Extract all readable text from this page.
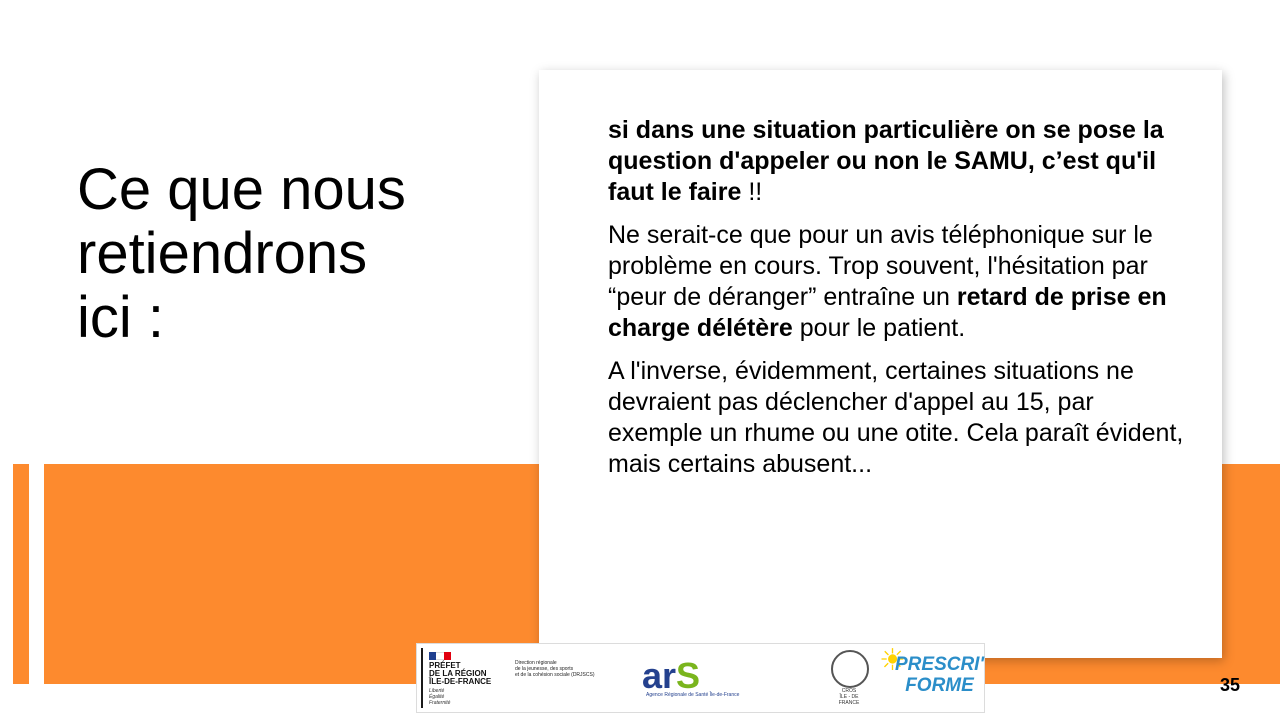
Ce que nous
retiendrons
ici :

si dans une situation particulière on se pose la question d'appeler ou non le SAMU, c’est qu'il faut le faire !!

Ne serait-ce que pour un avis téléphonique sur le problème en cours. Trop souvent, l'hésitation par “peur de déranger” entraîne un retard de prise en charge délétère pour le patient.

A l'inverse, évidemment, certaines situations ne devraient pas déclencher d'appel au 15, par exemple un rhume ou une otite. Cela paraît évident, mais certains abusent...

PRÉFET
DE LA RÉGION
ÎLE-DE-FRANCE
Liberté
Égalité
Fraternité
Direction régionale
de la jeunesse, des sports
et de la cohésion sociale (DRJSCS)	arS
Agence Régionale de Santé Île-de-France
CROS
ÎLE - DE
FRANCE
☀
PRESCRI'
FORME	35
